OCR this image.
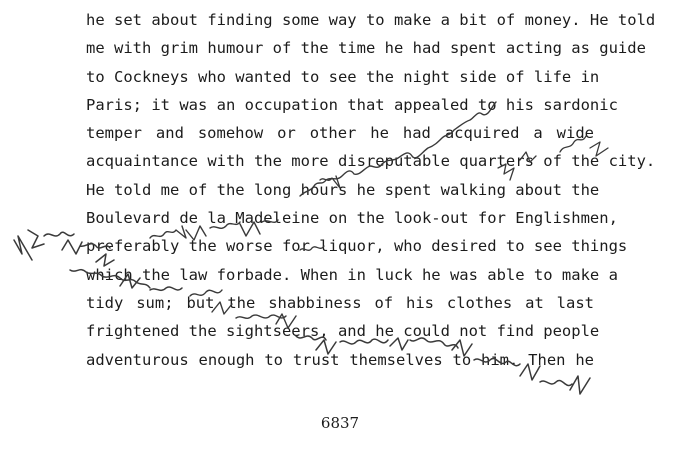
he set about finding some way to make a bit of money. He told
me with grim humour of the time he had spent acting as guide
to Cockneys who wanted to see the night side of life in
Paris; it was an occupation that appealed to his sardonic
temper and somehow or other he had acquired a wide
acquaintance with the more disreputable quarters of the city.
He told me of the long hours he spent walking about the
Boulevard de la Madeleine on the look-out for Englishmen,
preferably the worse for liquor, who desired to see things
which the law forbade. When in luck he was able to make a
tidy sum; but the shabbiness of his clothes at last
frightened the sightseers, and he could not find people
adventurous enough to trust themselves to him. Then he
6837
